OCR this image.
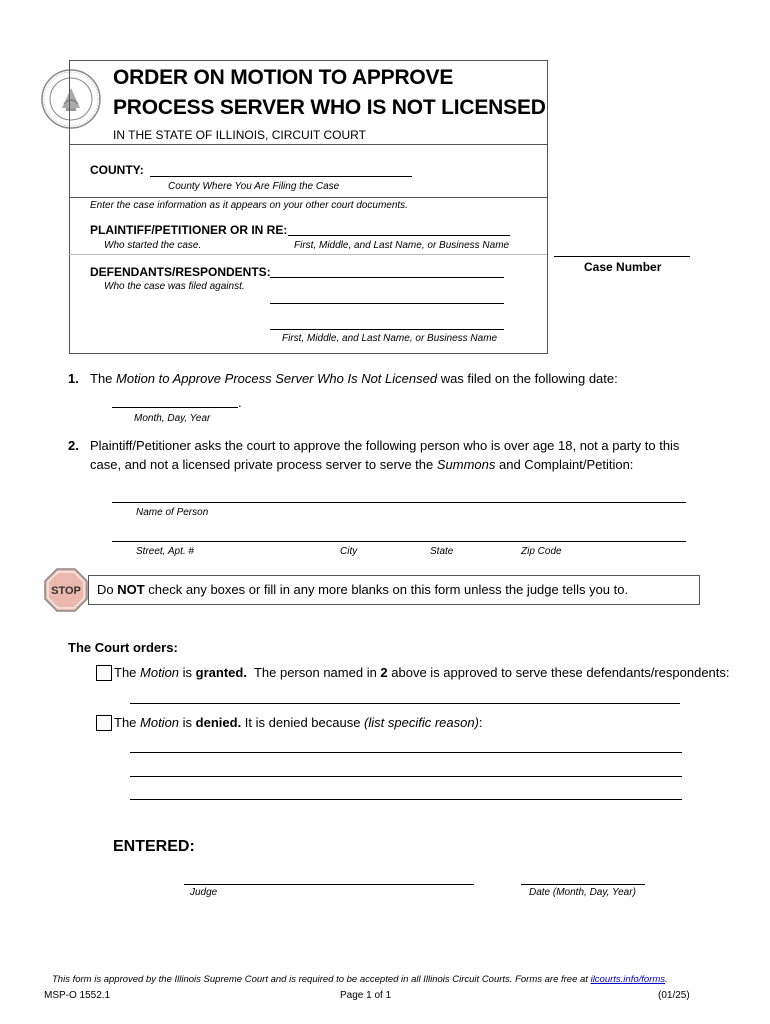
ORDER ON MOTION TO APPROVE
PROCESS SERVER WHO IS NOT LICENSED
IN THE STATE OF ILLINOIS, CIRCUIT COURT
COUNTY:
County Where You Are Filing the Case
Enter the case information as it appears on your other court documents.
PLAINTIFF/PETITIONER OR IN RE:
Who started the case.	First, Middle, and Last Name, or Business Name
DEFENDANTS/RESPONDENTS:
Who the case was filed against.
First, Middle, and Last Name, or Business Name
Case Number
1. The Motion to Approve Process Server Who Is Not Licensed was filed on the following date:
.
Month, Day, Year
2. Plaintiff/Petitioner asks the court to approve the following person who is over age 18, not a party to this
case, and not a licensed private process server to serve the Summons and Complaint/Petition:
Name of Person
Street, Apt. #	City	State	Zip Code
STOP Do NOT check any boxes or fill in any more blanks on this form unless the judge tells you to.
The Court orders:
The Motion is granted.  The person named in 2 above is approved to serve these defendants/respondents:
The Motion is denied. It is denied because (list specific reason):
ENTERED:
Judge	Date (Month, Day, Year)
This form is approved by the Illinois Supreme Court and is required to be accepted in all Illinois Circuit Courts. Forms are free at ilcourts.info/forms.
MSP-O 1552.1	Page 1 of 1	(01/25)
